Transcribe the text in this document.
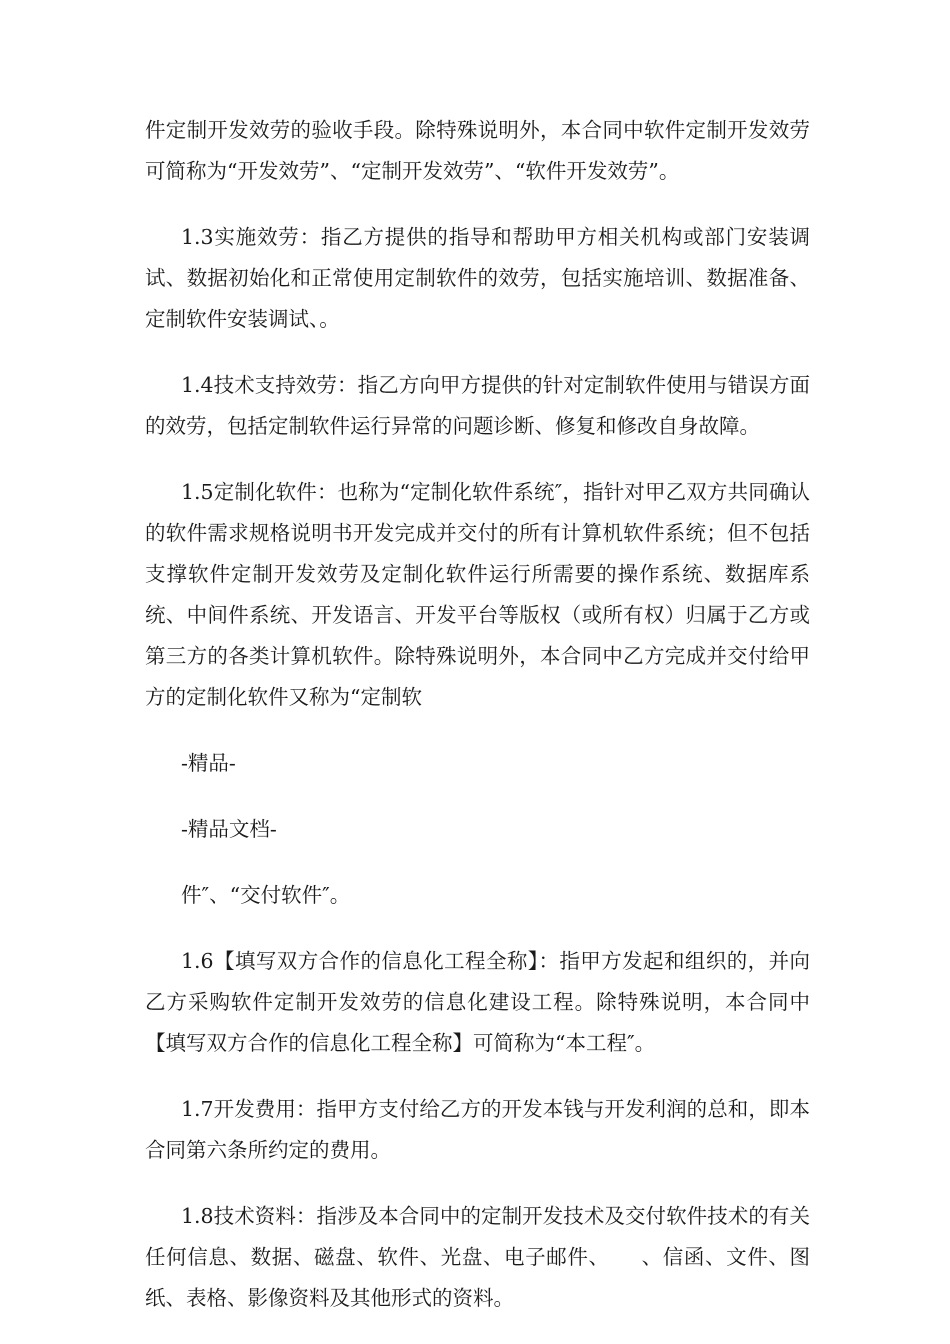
件定制开发效劳的验收手段。除特殊说明外，本合同中软件定制开发效劳可简称为“开发效劳”、“定制开发效劳”、“软件开发效劳”。

1.3实施效劳：指乙方提供的指导和帮助甲方相关机构或部门安装调试、数据初始化和正常使用定制软件的效劳，包括实施培训、数据准备、定制软件安装调试、。

1.4技术支持效劳：指乙方向甲方提供的针对定制软件使用与错误方面的效劳，包括定制软件运行异常的问题诊断、修复和修改自身故障。

1.5定制化软件：也称为“定制化软件系统″，指针对甲乙双方共同确认的软件需求规格说明书开发完成并交付的所有计算机软件系统；但不包括支撑软件定制开发效劳及定制化软件运行所需要的操作系统、数据库系统、中间件系统、开发语言、开发平台等版权（或所有权）归属于乙方或第三方的各类计算机软件。除特殊说明外，本合同中乙方完成并交付给甲方的定制化软件又称为“定制软

-精品-

-精品文档-

件″、“交付软件″。

1.6【填写双方合作的信息化工程全称】：指甲方发起和组织的，并向乙方采购软件定制开发效劳的信息化建设工程。除特殊说明，本合同中【填写双方合作的信息化工程全称】可简称为“本工程″。

1.7开发费用：指甲方支付给乙方的开发本钱与开发利润的总和，即本合同第六条所约定的费用。

1.8技术资料：指涉及本合同中的定制开发技术及交付软件技术的有关任何信息、数据、磁盘、软件、光盘、电子邮件、　　、信函、文件、图纸、表格、影像资料及其他形式的资料。
